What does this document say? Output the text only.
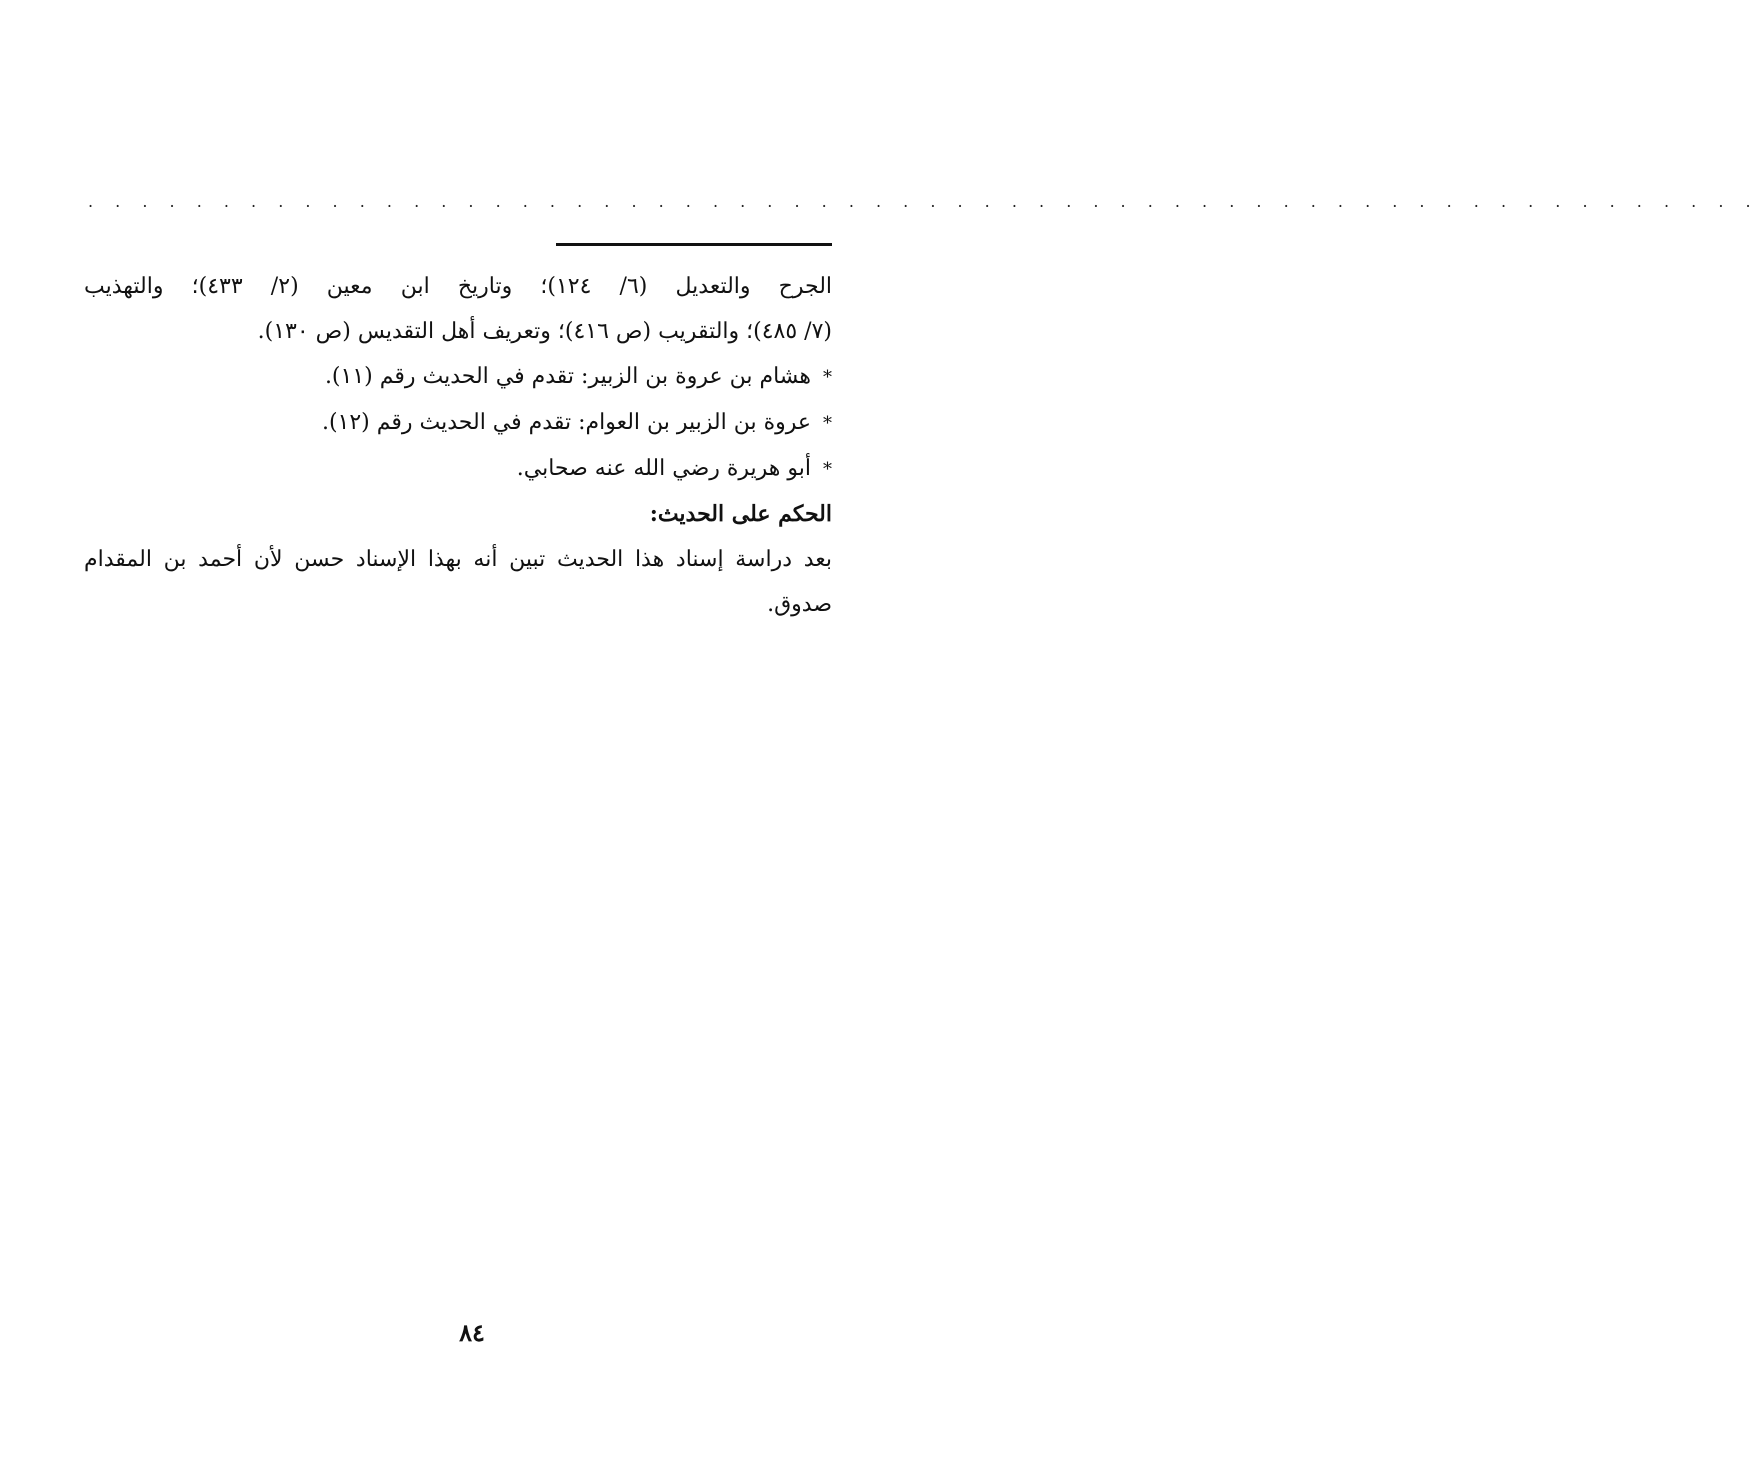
. . . . . . . . . . . . . . . . . . . . . . . . . . . . . . . . . . . . . . . . . . . . . . . . . . . . . . . . . . . . . .
الجرح والتعديل (٦/ ١٢٤)؛ وتاريخ ابن معين (٢/ ٤٣٣)؛ والتهذيب
(٧/ ٤٨٥)؛ والتقريب (ص ٤١٦)؛ وتعريف أهل التقديس (ص ١٣٠).
*هشام بن عروة بن الزبير: تقدم في الحديث رقم (١١).
*عروة بن الزبير بن العوام: تقدم في الحديث رقم (١٢).
*أبو هريرة رضي الله عنه صحابي.
الحكم على الحديث:
بعد دراسة إسناد هذا الحديث تبين أنه بهذا الإسناد حسن لأن أحمد بن المقدام
صدوق.
٨٤
